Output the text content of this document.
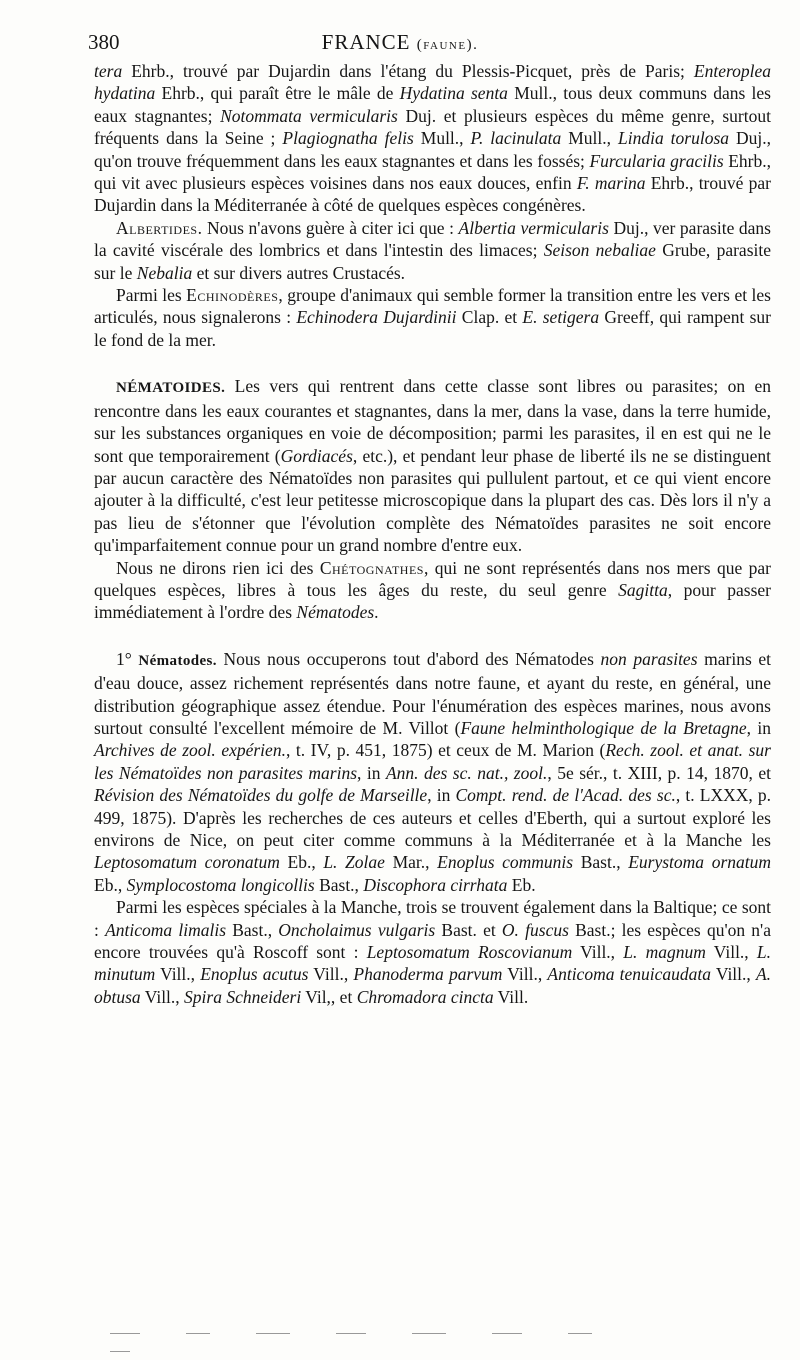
380	FRANCE (faune).

tera Ehrb., trouvé par Dujardin dans l'étang du Plessis-Picquet, près de Paris; Enteroplea hydatina Ehrb., qui paraît être le mâle de Hydatina senta Mull., tous deux communs dans les eaux stagnantes; Notommata vermicularis Duj. et plusieurs espèces du même genre, surtout fréquents dans la Seine ; Plagiognatha felis Mull., P. lacinulata Mull., Lindia torulosa Duj., qu'on trouve fréquemment dans les eaux stagnantes et dans les fossés; Furcularia gracilis Ehrb., qui vit avec plusieurs espèces voisines dans nos eaux douces, enfin F. marina Ehrb., trouvé par Dujardin dans la Méditerranée à côté de quelques espèces congénères.

Albertides. Nous n'avons guère à citer ici que : Albertia vermicularis Duj., ver parasite dans la cavité viscérale des lombrics et dans l'intestin des limaces; Seison nebaliae Grube, parasite sur le Nebalia et sur divers autres Crustacés.

Parmi les Echinodères, groupe d'animaux qui semble former la transition entre les vers et les articulés, nous signalerons : Echinodera Dujardinii Clap. et E. setigera Greeff, qui rampent sur le fond de la mer.

NÉMATOIDES. Les vers qui rentrent dans cette classe sont libres ou parasites; on en rencontre dans les eaux courantes et stagnantes, dans la mer, dans la vase, dans la terre humide, sur les substances organiques en voie de décomposition; parmi les parasites, il en est qui ne le sont que temporairement (Gordiacés, etc.), et pendant leur phase de liberté ils ne se distinguent par aucun caractère des Nématoïdes non parasites qui pullulent partout, et ce qui vient encore ajouter à la difficulté, c'est leur petitesse microscopique dans la plupart des cas. Dès lors il n'y a pas lieu de s'étonner que l'évolution complète des Nématoïdes parasites ne soit encore qu'imparfaitement connue pour un grand nombre d'entre eux.

Nous ne dirons rien ici des Chétognathes, qui ne sont représentés dans nos mers que par quelques espèces, libres à tous les âges du reste, du seul genre Sagitta, pour passer immédiatement à l'ordre des Nématodes.

1° Nématodes. Nous nous occuperons tout d'abord des Nématodes non parasites marins et d'eau douce, assez richement représentés dans notre faune, et ayant du reste, en général, une distribution géographique assez étendue. Pour l'énumération des espèces marines, nous avons surtout consulté l'excellent mémoire de M. Villot (Faune helminthologique de la Bretagne, in Archives de zool. expérien., t. IV, p. 451, 1875) et ceux de M. Marion (Rech. zool. et anat. sur les Nématoïdes non parasites marins, in Ann. des sc. nat., zool., 5e sér., t. XIII, p. 14, 1870, et Révision des Nématoïdes du golfe de Marseille, in Compt. rend. de l'Acad. des sc., t. LXXX, p. 499, 1875). D'après les recherches de ces auteurs et celles d'Eberth, qui a surtout exploré les environs de Nice, on peut citer comme communs à la Méditerranée et à la Manche les Leptosomatum coronatum Eb., L. Zolae Mar., Enoplus communis Bast., Eurystoma ornatum Eb., Symplocostoma longicollis Bast., Discophora cirrhata Eb.

Parmi les espèces spéciales à la Manche, trois se trouvent également dans la Baltique; ce sont : Anticoma limalis Bast., Oncholaimus vulgaris Bast. et O. fuscus Bast.; les espèces qu'on n'a encore trouvées qu'à Roscoff sont : Leptosomatum Roscovianum Vill., L. magnum Vill., L. minutum Vill., Enoplus acutus Vill., Phanoderma parvum Vill., Anticoma tenuicaudata Vill., A. obtusa Vill., Spira Schneideri Vil,, et Chromadora cincta Vill.
